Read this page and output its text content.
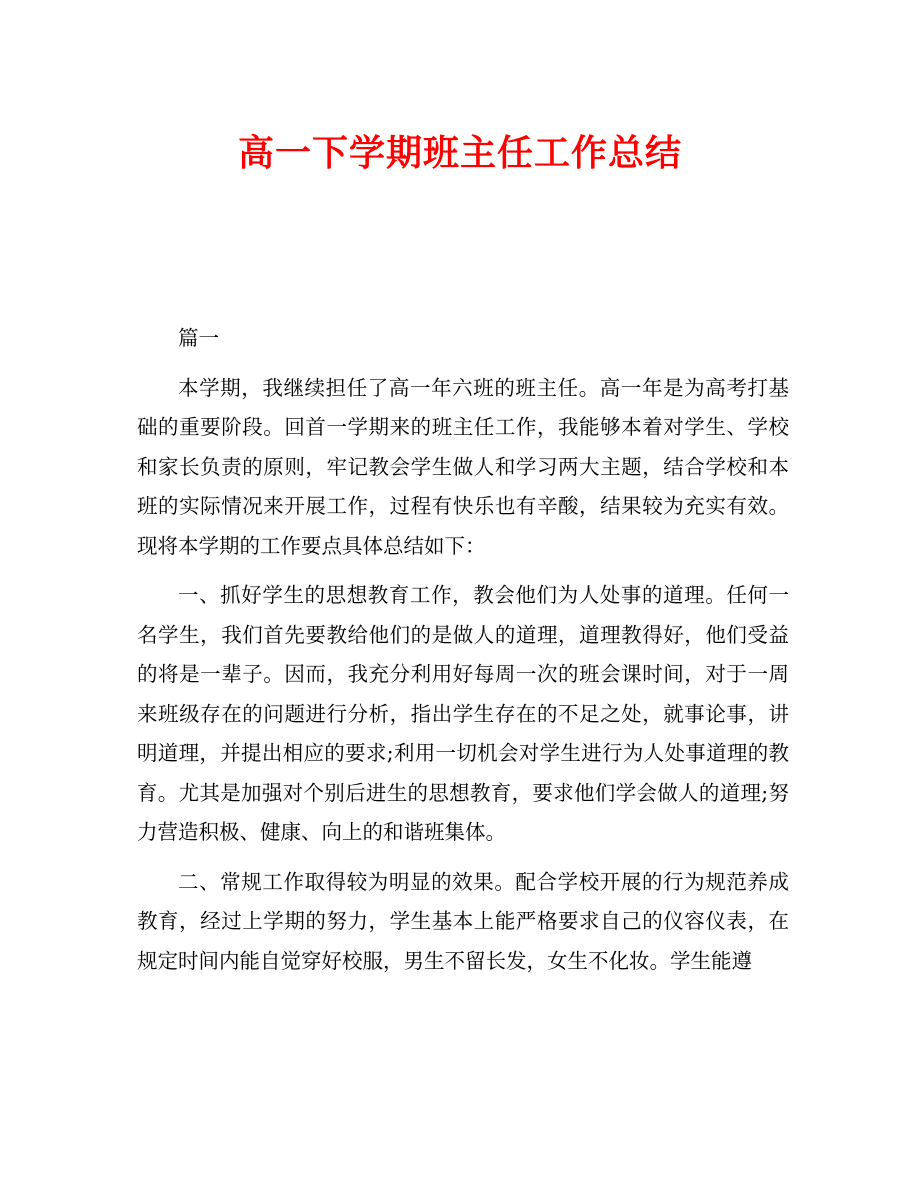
高一下学期班主任工作总结

篇一

本学期，我继续担任了高一年六班的班主任。高一年是为高考打基础的重要阶段。回首一学期来的班主任工作，我能够本着对学生、学校和家长负责的原则，牢记教会学生做人和学习两大主题，结合学校和本班的实际情况来开展工作，过程有快乐也有辛酸，结果较为充实有效。现将本学期的工作要点具体总结如下：

一、抓好学生的思想教育工作，教会他们为人处事的道理。任何一名学生，我们首先要教给他们的是做人的道理，道理教得好，他们受益的将是一辈子。因而，我充分利用好每周一次的班会课时间，对于一周来班级存在的问题进行分析，指出学生存在的不足之处，就事论事，讲明道理，并提出相应的要求;利用一切机会对学生进行为人处事道理的教育。尤其是加强对个别后进生的思想教育，要求他们学会做人的道理;努力营造积极、健康、向上的和谐班集体。

二、常规工作取得较为明显的效果。配合学校开展的行为规范养成教育，经过上学期的努力，学生基本上能严格要求自己的仪容仪表，在规定时间内能自觉穿好校服，男生不留长发，女生不化妆。学生能遵
